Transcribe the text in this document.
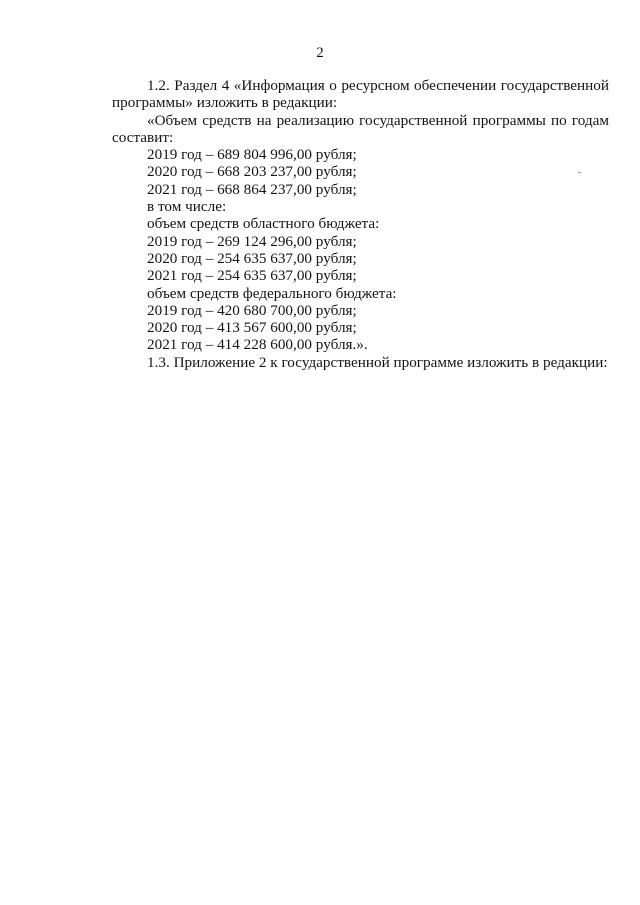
2
1.2. Раздел 4 «Информация о ресурсном обеспечении государственной
программы» изложить в редакции:
«Объем средств на реализацию государственной программы по годам
составит:
2019 год – 689 804 996,00 рубля;
2020 год – 668 203 237,00 рубля;
2021 год – 668 864 237,00 рубля;
в том числе:
объем средств областного бюджета:
2019 год – 269 124 296,00 рубля;
2020 год – 254 635 637,00 рубля;
2021 год – 254 635 637,00 рубля;
объем средств федерального бюджета:
2019 год – 420 680 700,00 рубля;
2020 год – 413 567 600,00 рубля;
2021 год – 414 228 600,00 рубля.».
1.3. Приложение 2 к государственной программе изложить в редакции:
